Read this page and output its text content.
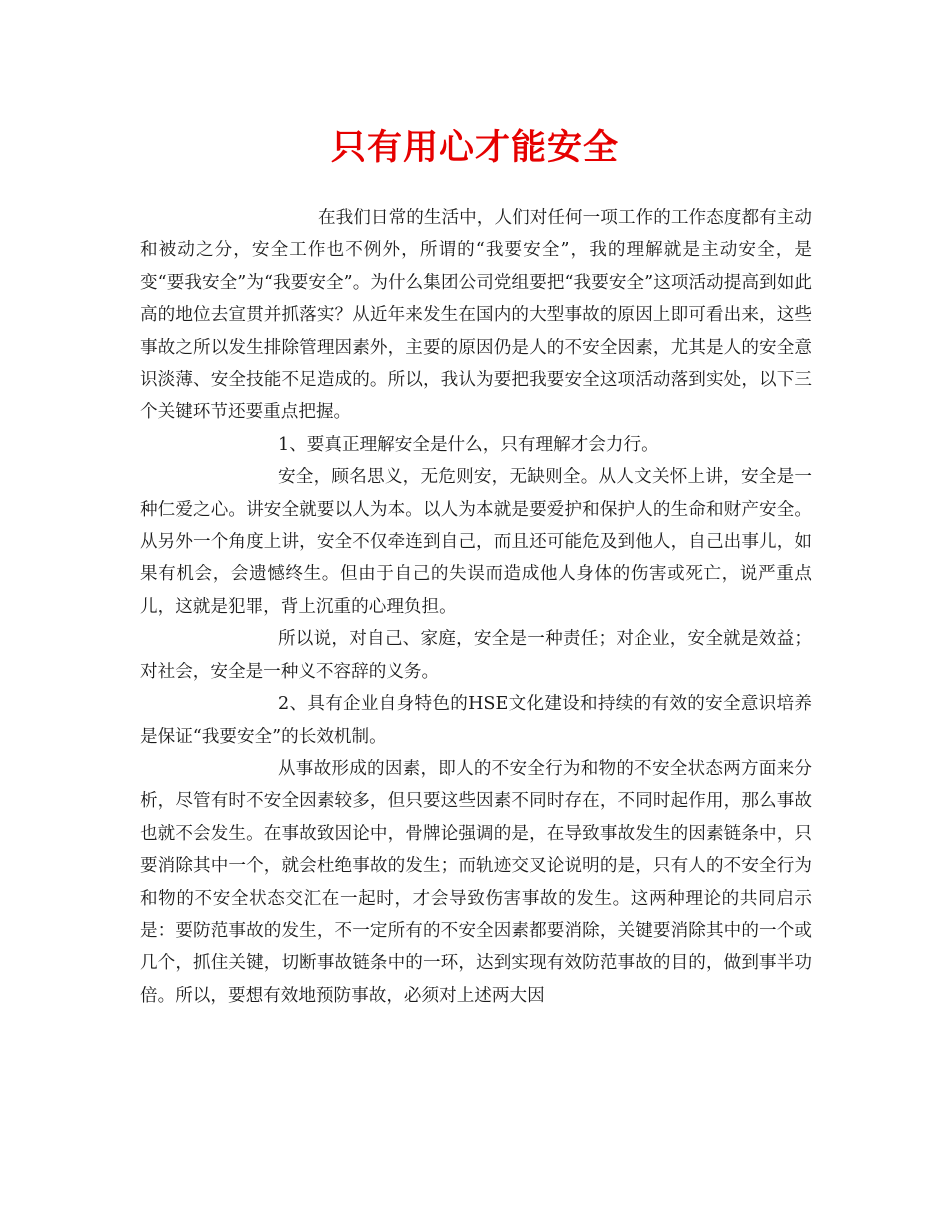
只有用心才能安全

在我们日常的生活中，人们对任何一项工作的工作态度都有主动和被动之分，安全工作也不例外，所谓的“我要安全”，我的理解就是主动安全，是变“要我安全”为“我要安全”。为什么集团公司党组要把“我要安全”这项活动提高到如此高的地位去宣贯并抓落实？从近年来发生在国内的大型事故的原因上即可看出来，这些事故之所以发生排除管理因素外，主要的原因仍是人的不安全因素，尤其是人的安全意识淡薄、安全技能不足造成的。所以，我认为要把我要安全这项活动落到实处，以下三个关键环节还要重点把握。

1、要真正理解安全是什么，只有理解才会力行。

安全，顾名思义，无危则安，无缺则全。从人文关怀上讲，安全是一种仁爱之心。讲安全就要以人为本。以人为本就是要爱护和保护人的生命和财产安全。从另外一个角度上讲，安全不仅牵连到自己，而且还可能危及到他人，自己出事儿，如果有机会，会遗憾终生。但由于自己的失误而造成他人身体的伤害或死亡，说严重点儿，这就是犯罪，背上沉重的心理负担。

所以说，对自己、家庭，安全是一种责任；对企业，安全就是效益；对社会，安全是一种义不容辞的义务。

2、具有企业自身特色的HSE文化建设和持续的有效的安全意识培养是保证“我要安全”的长效机制。

从事故形成的因素，即人的不安全行为和物的不安全状态两方面来分析，尽管有时不安全因素较多，但只要这些因素不同时存在，不同时起作用，那么事故也就不会发生。在事故致因论中，骨牌论强调的是，在导致事故发生的因素链条中，只要消除其中一个，就会杜绝事故的发生；而轨迹交叉论说明的是，只有人的不安全行为和物的不安全状态交汇在一起时，才会导致伤害事故的发生。这两种理论的共同启示是：要防范事故的发生，不一定所有的不安全因素都要消除，关键要消除其中的一个或几个，抓住关键，切断事故链条中的一环，达到实现有效防范事故的目的，做到事半功倍。所以，要想有效地预防事故，必须对上述两大因
